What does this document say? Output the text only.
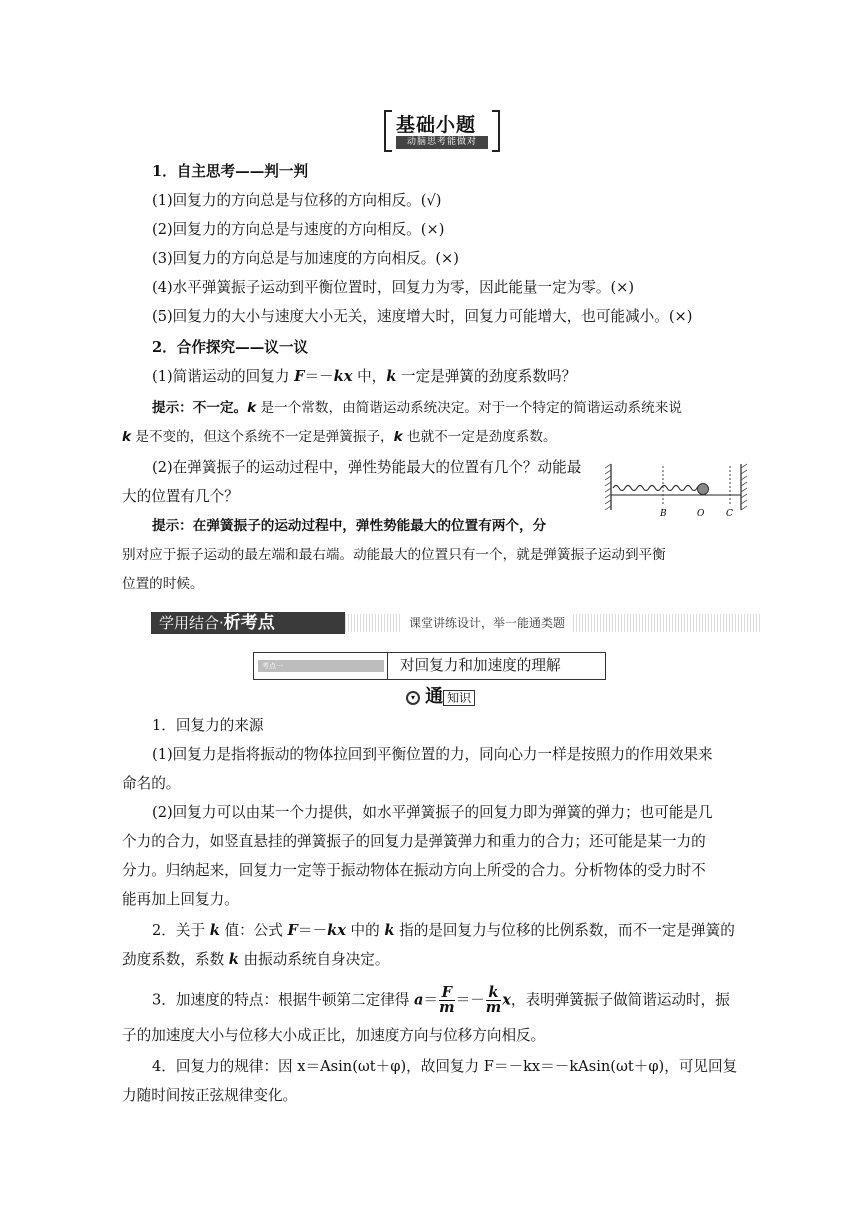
基础小题
动脑思考能做对
1．自主思考——判一判
(1)回复力的方向总是与位移的方向相反。(√)
(2)回复力的方向总是与速度的方向相反。(×)
(3)回复力的方向总是与加速度的方向相反。(×)
(4)水平弹簧振子运动到平衡位置时，回复力为零，因此能量一定为零。(×)
(5)回复力的大小与速度大小无关，速度增大时，回复力可能增大，也可能减小。(×)
2．合作探究——议一议
(1)简谐运动的回复力 F＝－kx 中，k 一定是弹簧的劲度系数吗？
提示：不一定。k 是一个常数，由简谐运动系统决定。对于一个特定的简谐运动系统来说
k 是不变的，但这个系统不一定是弹簧振子，k 也就不一定是劲度系数。
(2)在弹簧振子的运动过程中，弹性势能最大的位置有几个？动能最
大的位置有几个？
B	O C
提示：在弹簧振子的运动过程中，弹性势能最大的位置有两个，分
别对应于振子运动的最左端和最右端。动能最大的位置只有一个，就是弹簧振子运动到平衡
位置的时候。
学用结合·析考点	课堂讲练设计，举一能通类题
考点一	对回复力和加速度的理解
▾ 通 知识
1．回复力的来源
(1)回复力是指将振动的物体拉回到平衡位置的力，同向心力一样是按照力的作用效果来
命名的。
(2)回复力可以由某一个力提供，如水平弹簧振子的回复力即为弹簧的弹力；也可能是几
个力的合力，如竖直悬挂的弹簧振子的回复力是弹簧弹力和重力的合力；还可能是某一力的
分力。归纳起来，回复力一定等于振动物体在振动方向上所受的合力。分析物体的受力时不
能再加上回复力。
2．关于 k 值：公式 F＝－kx 中的 k 指的是回复力与位移的比例系数，而不一定是弹簧的
劲度系数，系数 k 由振动系统自身决定。
3．加速度的特点：根据牛顿第二定律得 $a= \frac{F}{m} =- \frac{k}{m}$ x，表明弹簧振子做简谐运动时，振
子的加速度大小与位移大小成正比，加速度方向与位移方向相反。
4．回复力的规律：因 x＝Asin(ωt＋φ)，故回复力 F＝－kx＝－kAsin(ωt＋φ)，可见回复
力随时间按正弦规律变化。
